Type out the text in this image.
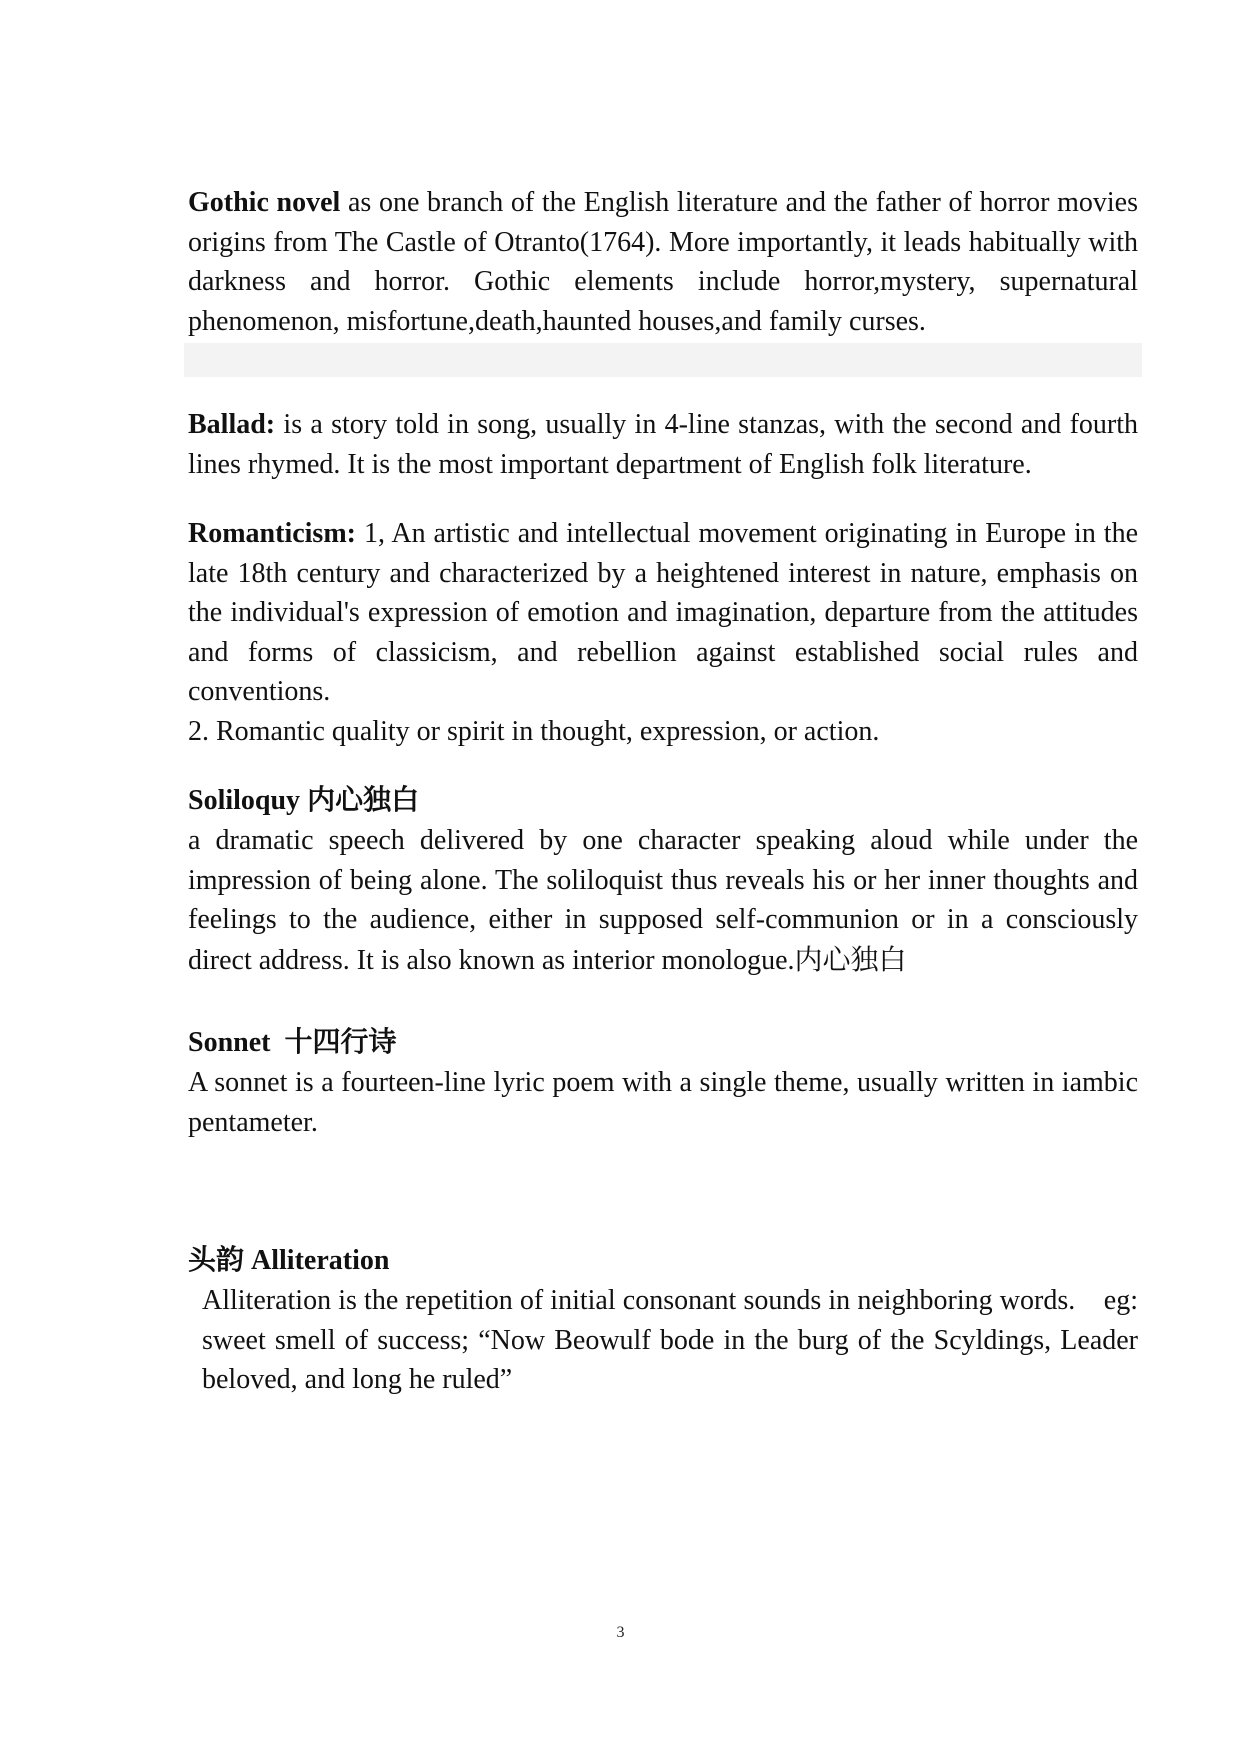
Gothic novel as one branch of the English literature and the father of horror movies origins from The Castle of Otranto(1764). More importantly, it leads habitually with darkness and horror. Gothic elements include horror,mystery, supernatural phenomenon, misfortune,death,haunted houses,and family curses.

Ballad: is a story told in song, usually in 4-line stanzas, with the second and fourth lines rhymed. It is the most important department of English folk literature.

Romanticism: 1, An artistic and intellectual movement originating in Europe in the late 18th century and characterized by a heightened interest in nature, emphasis on the individual's expression of emotion and imagination, departure from the attitudes and forms of classicism, and rebellion against established social rules and conventions.

2. Romantic quality or spirit in thought, expression, or action.

Soliloquy 内心独白

a dramatic speech delivered by one character speaking aloud while under the impression of being alone. The soliloquist thus reveals his or her inner thoughts and feelings to the audience, either in supposed self-communion or in a consciously direct address. It is also known as interior monologue.内心独白

Sonnet 十四行诗

A sonnet is a fourteen-line lyric poem with a single theme, usually written in iambic pentameter.

头韵 Alliteration

Alliteration is the repetition of initial consonant sounds in neighboring words.    eg: sweet smell of success; “Now Beowulf bode in the burg of the Scyldings, Leader beloved, and long he ruled”

3
